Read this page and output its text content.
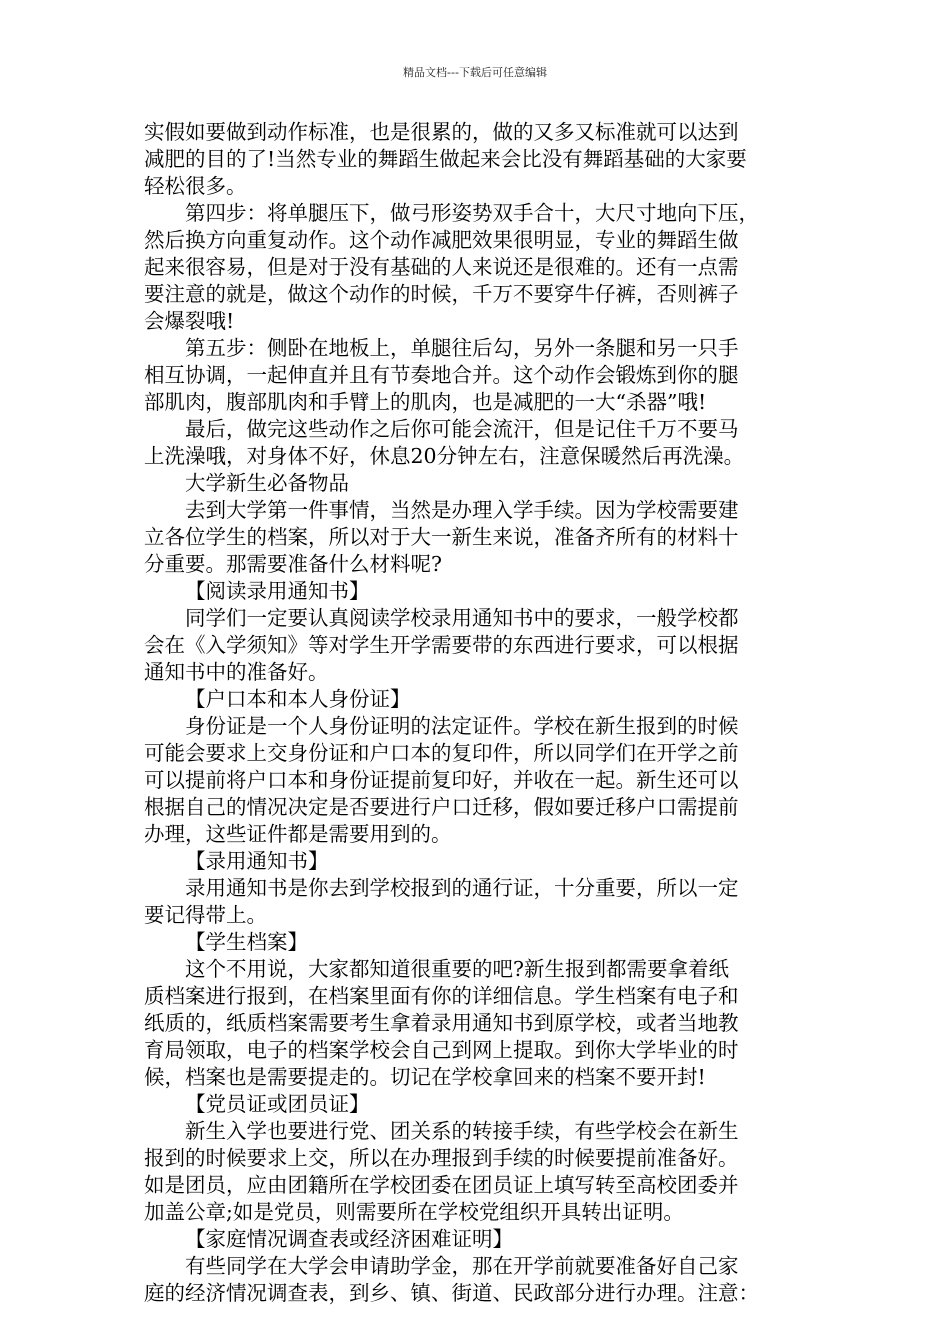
精品文档---下载后可任意编辑
实假如要做到动作标准，也是很累的，做的又多又标准就可以达到
减肥的目的了!当然专业的舞蹈生做起来会比没有舞蹈基础的大家要
轻松很多。
第四步：将单腿压下，做弓形姿势双手合十，大尺寸地向下压，
然后换方向重复动作。这个动作减肥效果很明显，专业的舞蹈生做
起来很容易，但是对于没有基础的人来说还是很难的。还有一点需
要注意的就是，做这个动作的时候，千万不要穿牛仔裤，否则裤子
会爆裂哦!
第五步：侧卧在地板上，单腿往后勾，另外一条腿和另一只手
相互协调，一起伸直并且有节奏地合并。这个动作会锻炼到你的腿
部肌肉，腹部肌肉和手臂上的肌肉，也是减肥的一大“杀器”哦!
最后，做完这些动作之后你可能会流汗，但是记住千万不要马
上洗澡哦，对身体不好，休息20分钟左右，注意保暖然后再洗澡。
大学新生必备物品
去到大学第一件事情，当然是办理入学手续。因为学校需要建
立各位学生的档案，所以对于大一新生来说，准备齐所有的材料十
分重要。那需要准备什么材料呢?
【阅读录用通知书】
同学们一定要认真阅读学校录用通知书中的要求，一般学校都
会在《入学须知》等对学生开学需要带的东西进行要求，可以根据
通知书中的准备好。
【户口本和本人身份证】
身份证是一个人身份证明的法定证件。学校在新生报到的时候
可能会要求上交身份证和户口本的复印件，所以同学们在开学之前
可以提前将户口本和身份证提前复印好，并收在一起。新生还可以
根据自己的情况决定是否要进行户口迁移，假如要迁移户口需提前
办理，这些证件都是需要用到的。
【录用通知书】
录用通知书是你去到学校报到的通行证，十分重要，所以一定
要记得带上。
【学生档案】
这个不用说，大家都知道很重要的吧?新生报到都需要拿着纸
质档案进行报到，在档案里面有你的详细信息。学生档案有电子和
纸质的，纸质档案需要考生拿着录用通知书到原学校，或者当地教
育局领取，电子的档案学校会自己到网上提取。到你大学毕业的时
候，档案也是需要提走的。切记在学校拿回来的档案不要开封!
【党员证或团员证】
新生入学也要进行党、团关系的转接手续，有些学校会在新生
报到的时候要求上交，所以在办理报到手续的时候要提前准备好。
如是团员，应由团籍所在学校团委在团员证上填写转至高校团委并
加盖公章;如是党员，则需要所在学校党组织开具转出证明。
【家庭情况调查表或经济困难证明】
有些同学在大学会申请助学金，那在开学前就要准备好自己家
庭的经济情况调查表，到乡、镇、街道、民政部分进行办理。注意：
